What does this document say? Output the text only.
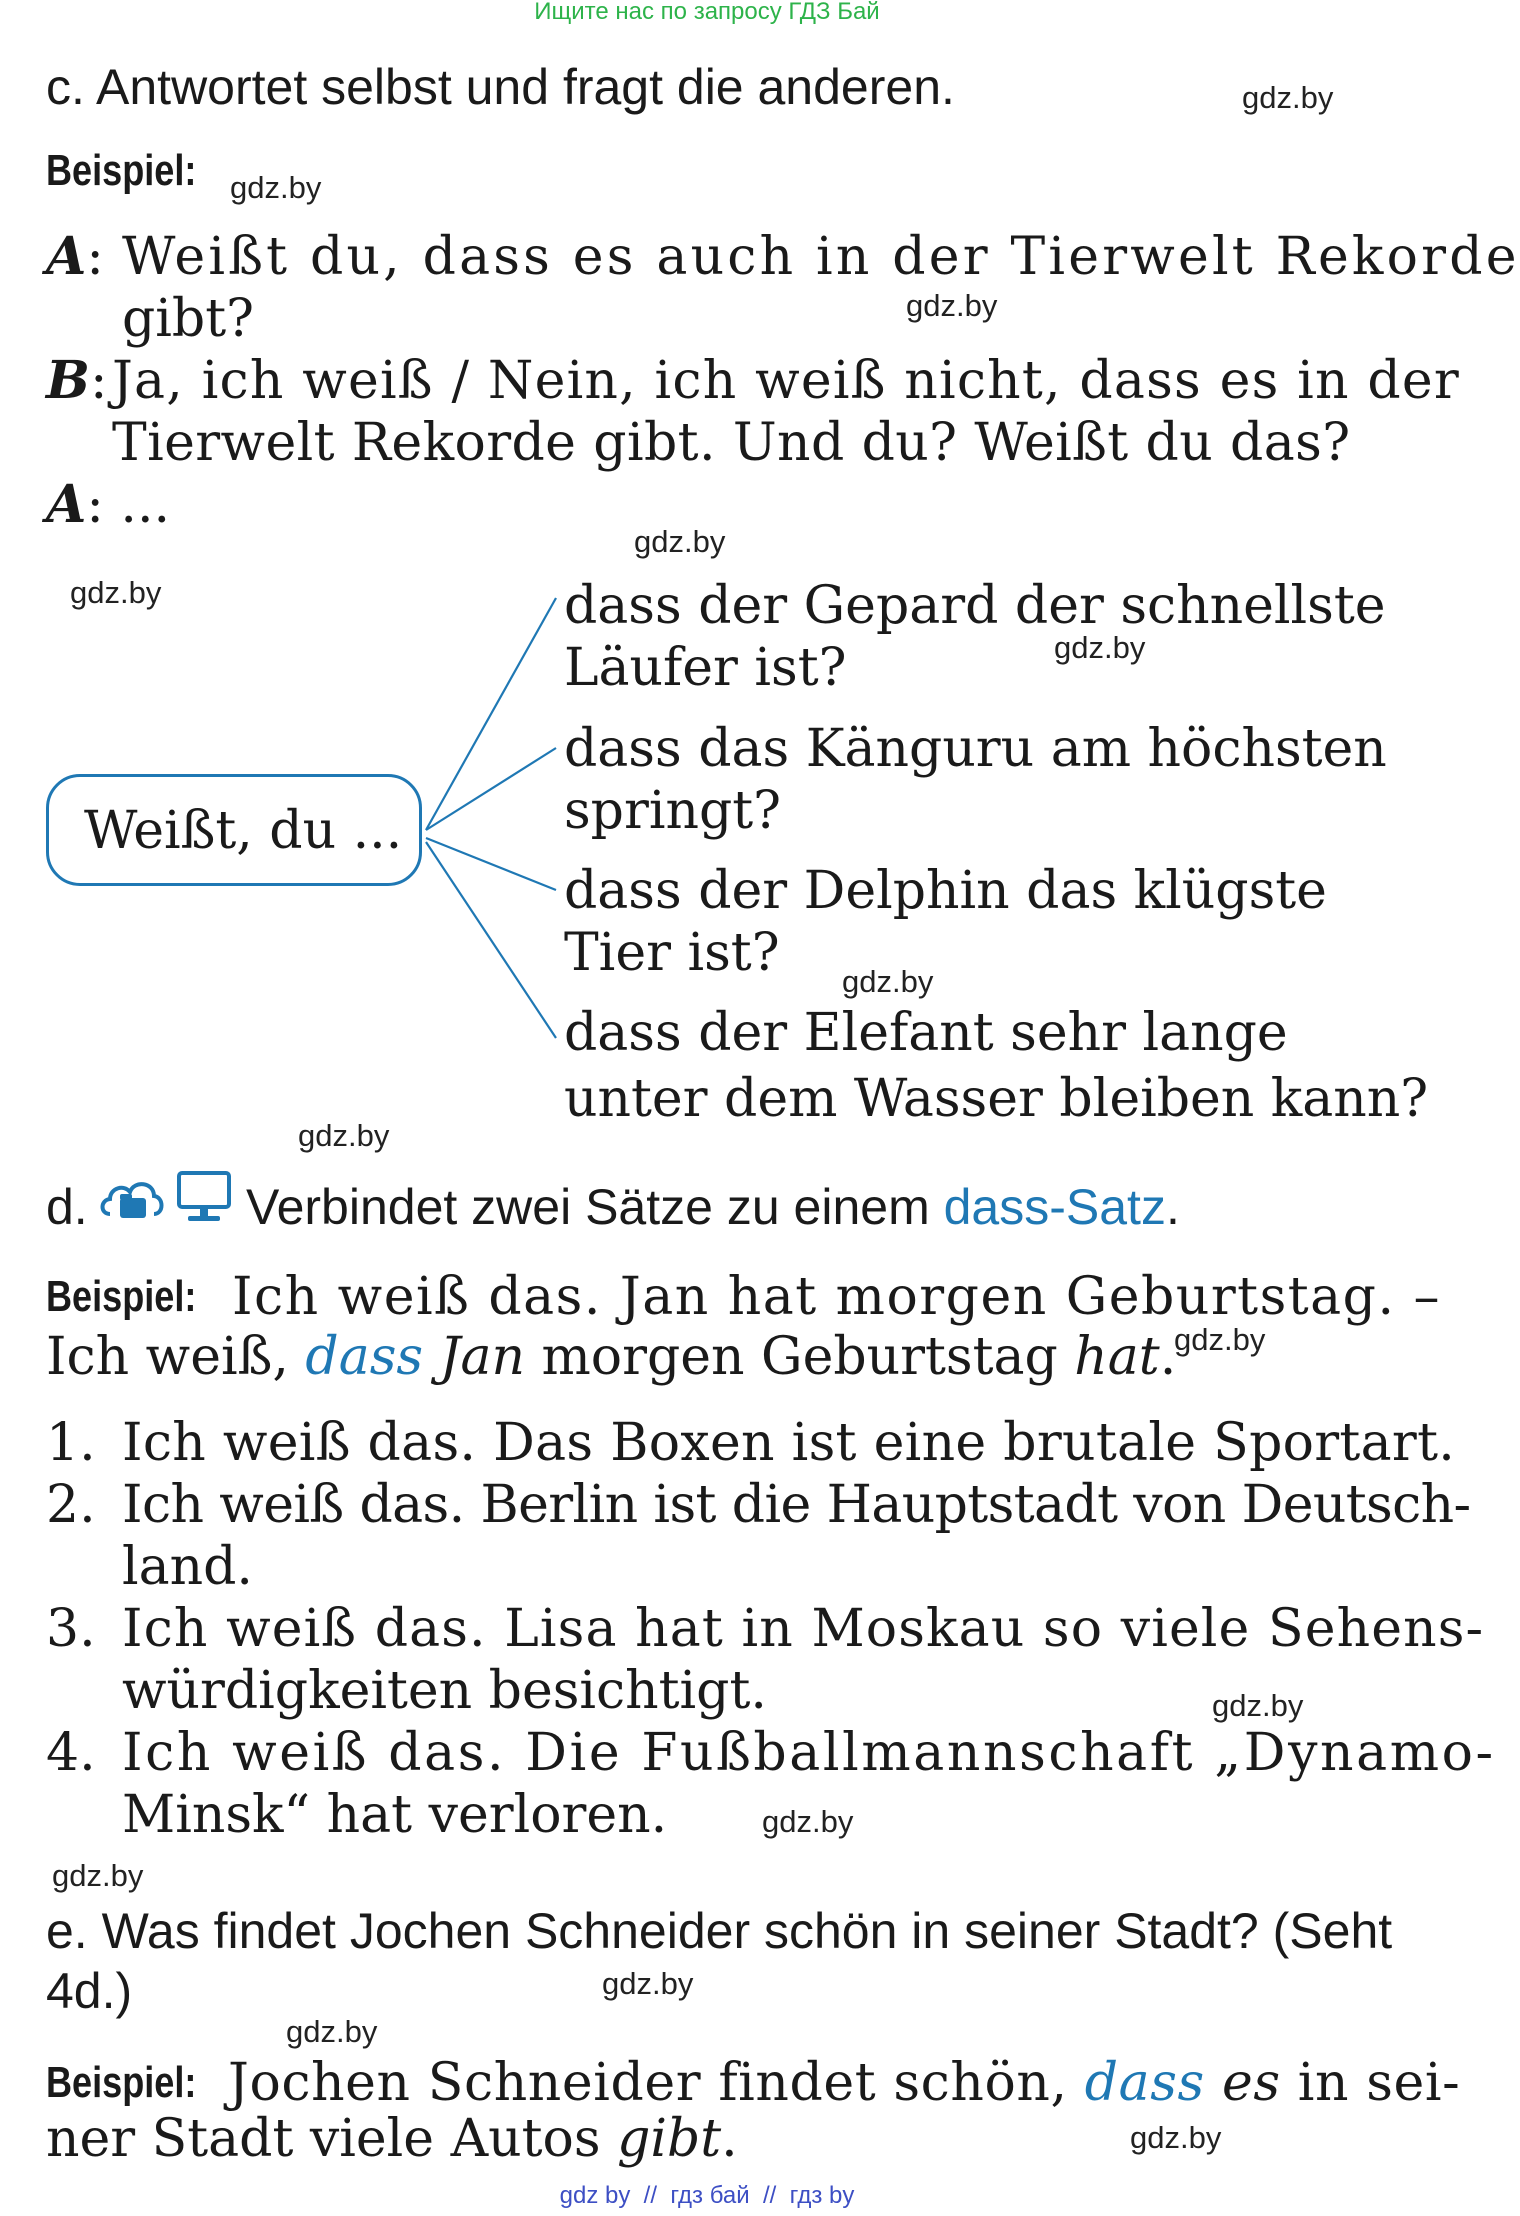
Ищите нас по запросу ГДЗ Бай
c. Antwortet selbst und fragt die anderen.	gdz.by
Beispiel:	gdz.by
A: Weißt du, dass es auch in der Tierwelt Rekorde
gibt?	gdz.by
B: Ja, ich weiß / Nein, ich weiß nicht, dass es in der
Tierwelt Rekorde gibt. Und du? Weißt du das?
A: ...
gdz.by
gdz.by
Weißt, du ...
dass der Gepard der schnellste
Läufer ist?	gdz.by
dass das Känguru am höchsten
springt?
dass der Delphin das klügste
Tier ist? gdz.by
dass der Elefant sehr lange
unter dem Wasser bleiben kann?
gdz.by
d.	Verbindet zwei Sätze zu einem dass-Satz.
Beispiel: Ich weiß das. Jan hat morgen Geburtstag. –
Ich weiß, dass Jan morgen Geburtstag hat.
gdz.by
1. Ich weiß das. Das Boxen ist eine brutale Sportart.
2. Ich weiß das. Berlin ist die Hauptstadt von Deutsch-
land.
3. Ich weiß das. Lisa hat in Moskau so viele Sehens-
würdigkeiten besichtigt.	gdz.by
4. Ich weiß das. Die Fußballmannschaft „Dynamo-
Minsk“ hat verloren.	gdz.by
gdz.by
e. Was findet Jochen Schneider schön in seiner Stadt? (Seht
4d.)	gdz.by
gdz.by
Beispiel: Jochen Schneider findet schön, dass es in sei-
ner Stadt viele Autos gibt.	gdz.by
gdz by  //  гдз бай  //  гдз by
